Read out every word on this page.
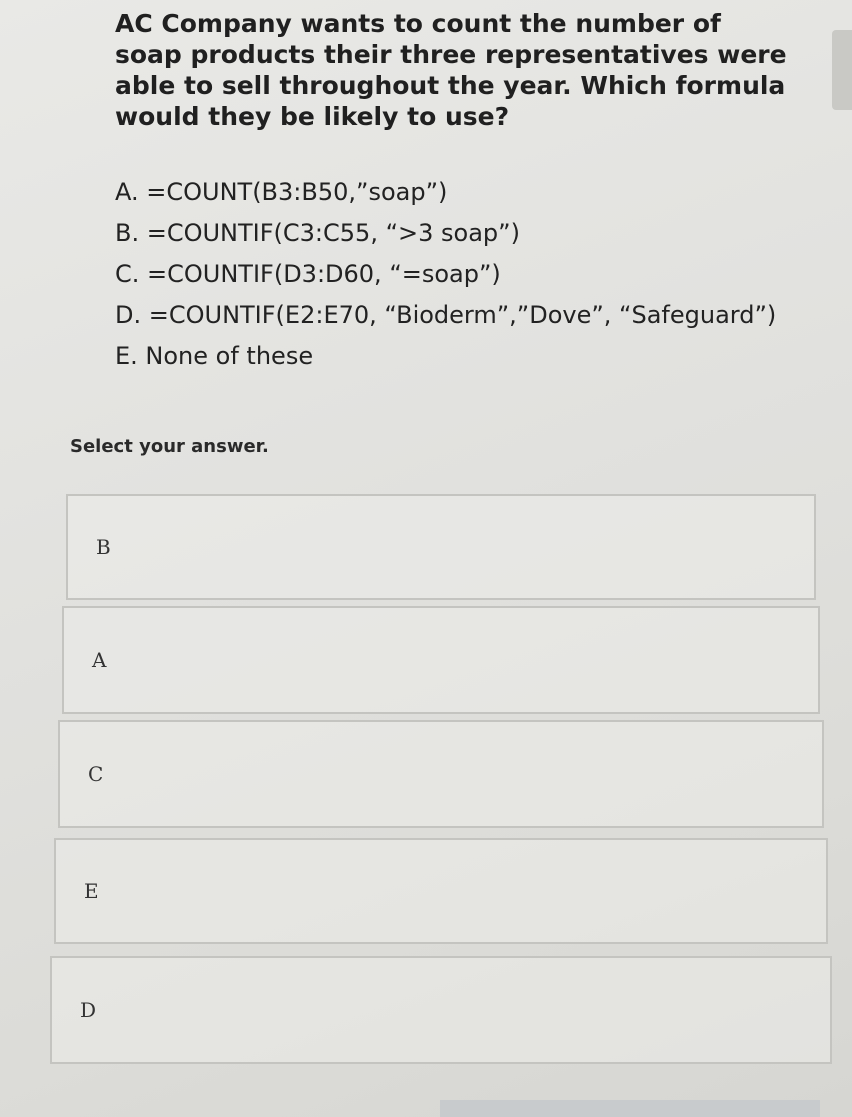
AC Company wants to count the number of soap products their three representatives were able to sell throughout the year. Which formula would they be likely to use?

A. =COUNT(B3:B50,”soap”)
B. =COUNTIF(C3:C55, “>3 soap”)
C. =COUNTIF(D3:D60, “=soap”)
D. =COUNTIF(E2:E70, “Bioderm”,”Dove”, “Safeguard”)
E. None of these

Select your answer.

B
A
C
E
D
